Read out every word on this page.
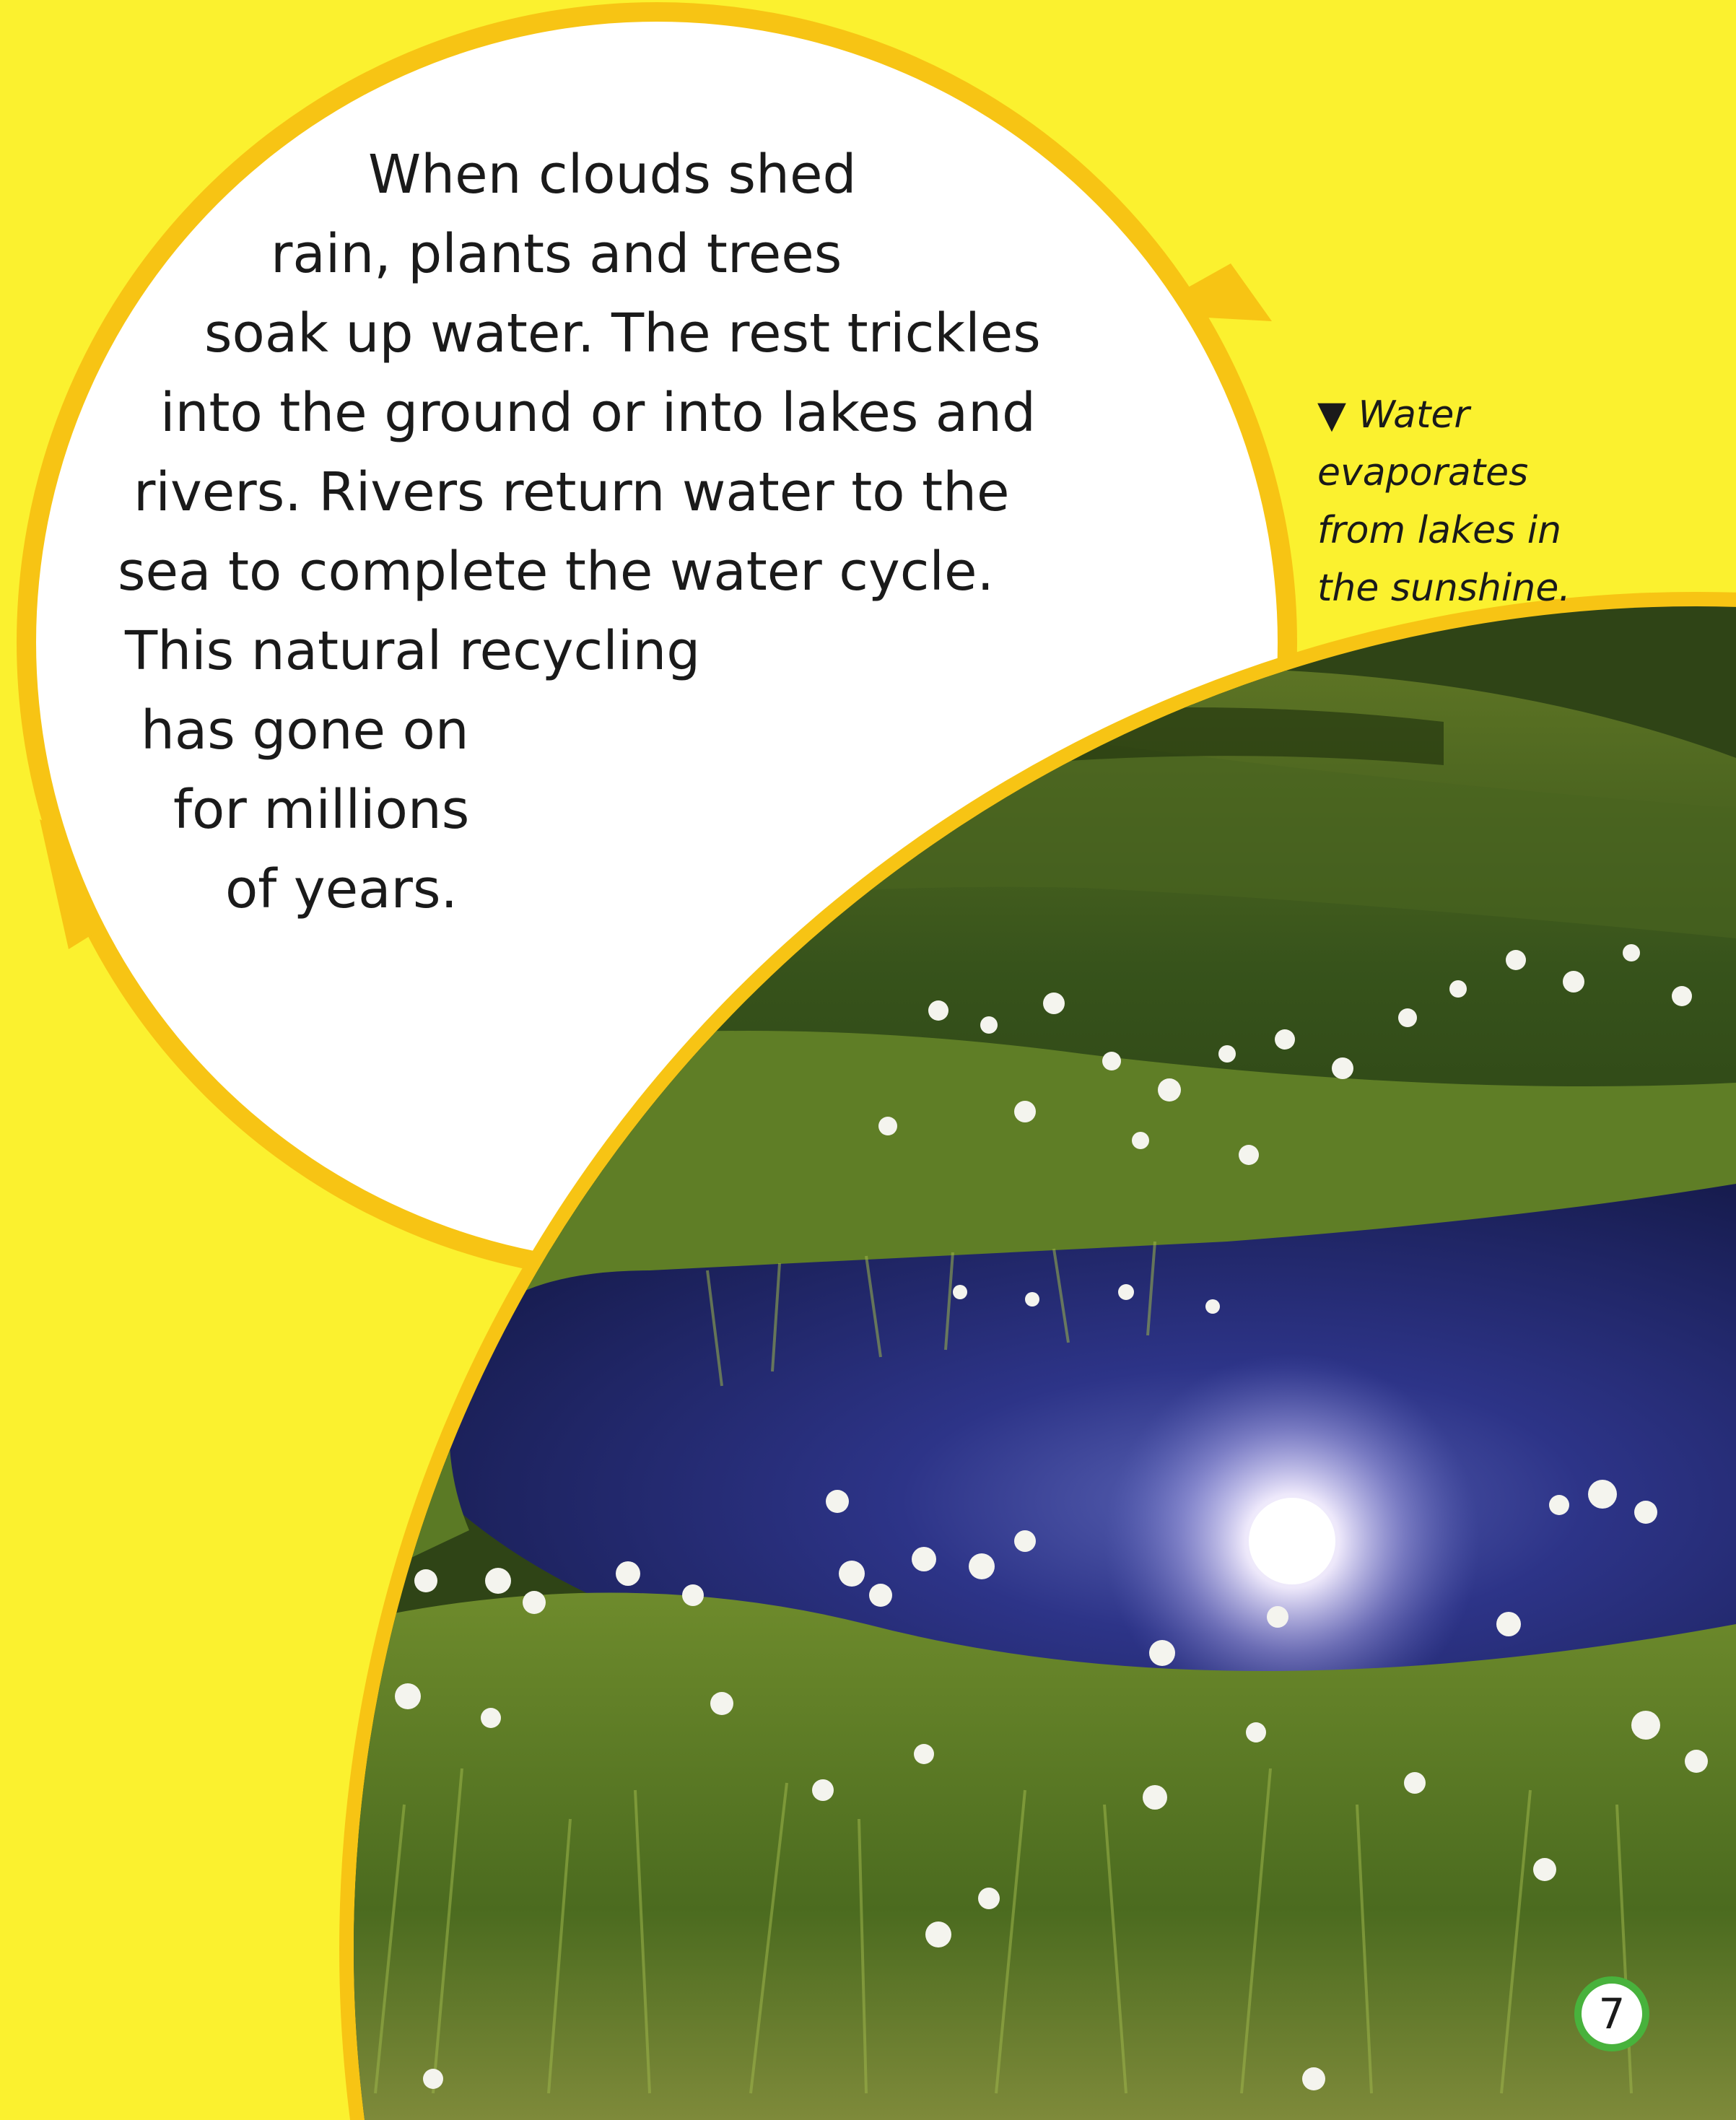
When clouds shed

rain, plants and trees

soak up water. The rest trickles

into the ground or into lakes and

rivers. Rivers return water to the

sea to complete the water cycle.

This natural recycling

has gone on

for millions

of years.

▼ Water
evaporates
from lakes in
the sunshine.
7
